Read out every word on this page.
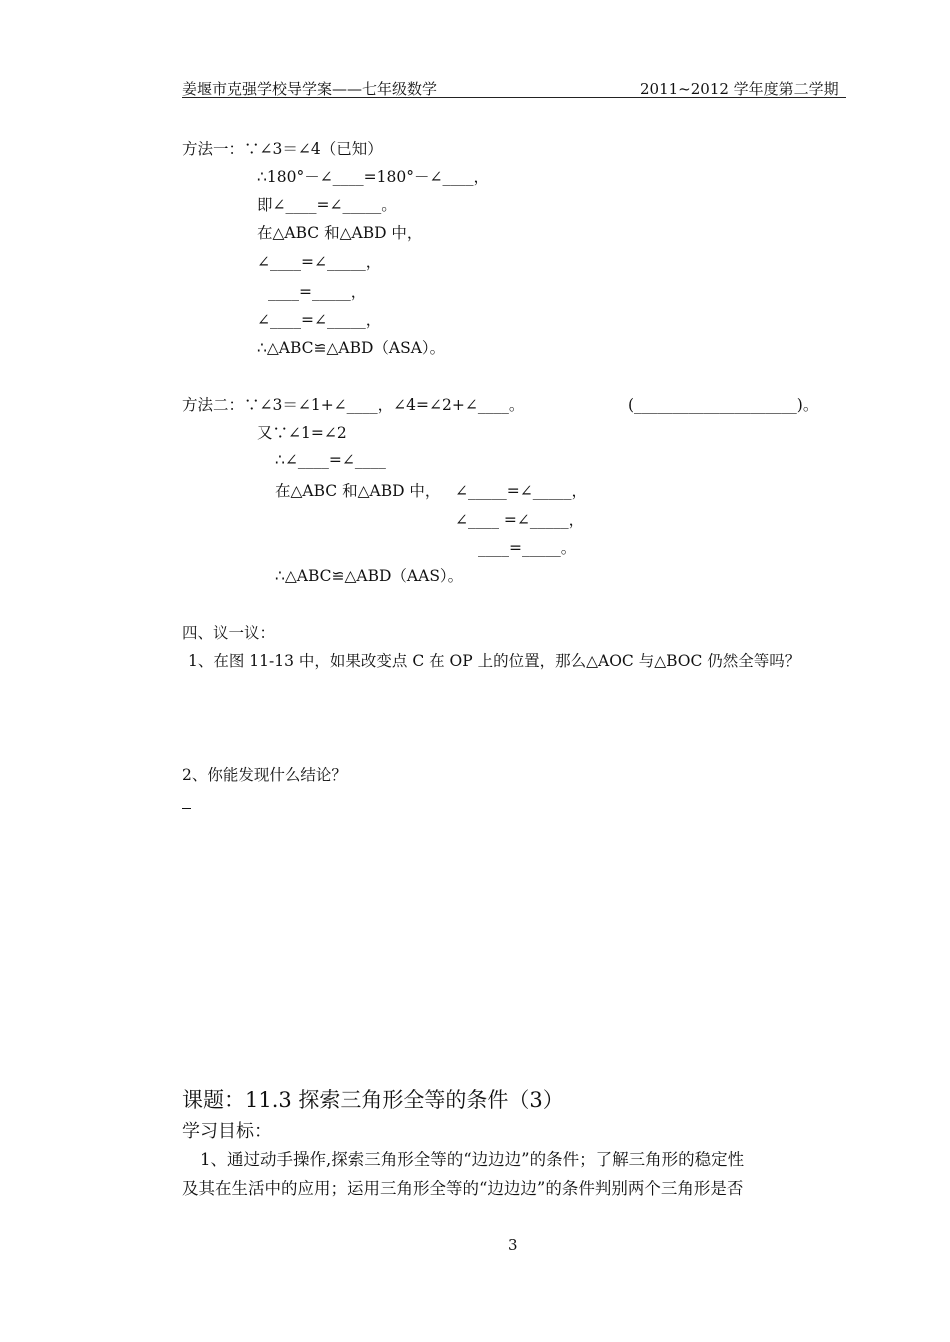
姜堰市克强学校导学案——七年级数学	2011~2012 学年度第二学期
方法一：∵∠3＝∠4（已知）
∴180°－∠____=180°－∠____，
即∠____=∠_____。
在△ABC 和△ABD 中，
∠____=∠_____，
____=_____，
∠____=∠_____，
∴△ABC≌△ABD（ASA）。
方法二：∵∠3＝∠1+∠____，∠4=∠2+∠____。	(_____________________)。
又∵∠1=∠2
∴∠____=∠____
在△ABC 和△ABD 中， ∠_____=∠_____，
∠____ =∠_____，
____=_____。
∴△ABC≌△ABD（AAS）。
四、议一议：
1、在图 11-13 中，如果改变点 C 在 OP 上的位置，那么△AOC 与△BOC 仍然全等吗？
2、你能发现什么结论？
课题：11.3 探索三角形全等的条件（3）
学习目标：
1、通过动手操作,探索三角形全等的“边边边”的条件；了解三角形的稳定性
及其在生活中的应用；运用三角形全等的“边边边”的条件判别两个三角形是否
3
